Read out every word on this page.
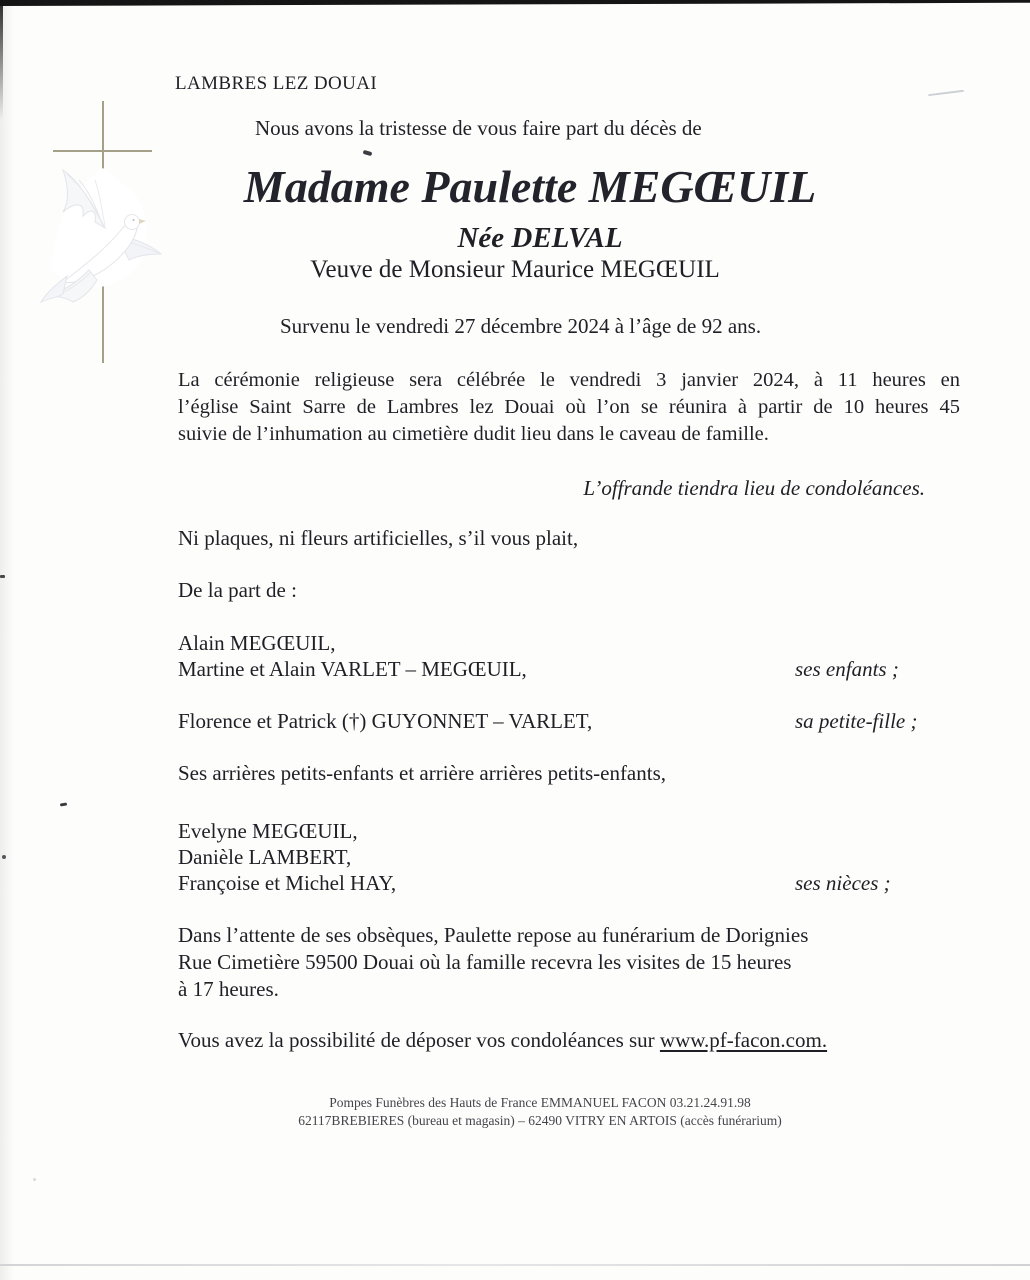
LAMBRES LEZ DOUAI
Nous avons la tristesse de vous faire part du décès de
Madame Paulette MEGŒUIL
Née DELVAL
Veuve de Monsieur Maurice MEGŒUIL
Survenu le vendredi 27 décembre 2024 à l’âge de 92 ans.
La cérémonie religieuse sera célébrée le vendredi 3 janvier 2024, à 11 heures en
l’église Saint Sarre de Lambres lez Douai où l’on se réunira à partir de 10 heures 45
suivie de l’inhumation au cimetière dudit lieu dans le caveau de famille.
L’offrande tiendra lieu de condoléances.
Ni plaques, ni fleurs artificielles, s’il vous plait,
De la part de :
Alain MEGŒUIL,
Martine et Alain VARLET – MEGŒUIL,	ses enfants ;
Florence et Patrick (†) GUYONNET – VARLET,	sa petite-fille ;
Ses arrières petits-enfants et arrière arrières petits-enfants,
Evelyne MEGŒUIL,
Danièle LAMBERT,
Françoise et Michel HAY,	ses nièces ;
Dans l’attente de ses obsèques, Paulette repose au funérarium de Dorignies
Rue Cimetière 59500 Douai où la famille recevra les visites de 15 heures
à 17 heures.
Vous avez la possibilité de déposer vos condoléances sur www.pf-facon.com.
Pompes Funèbres des Hauts de France EMMANUEL FACON 03.21.24.91.98
62117BREBIERES (bureau et magasin) – 62490 VITRY EN ARTOIS (accès funérarium)
